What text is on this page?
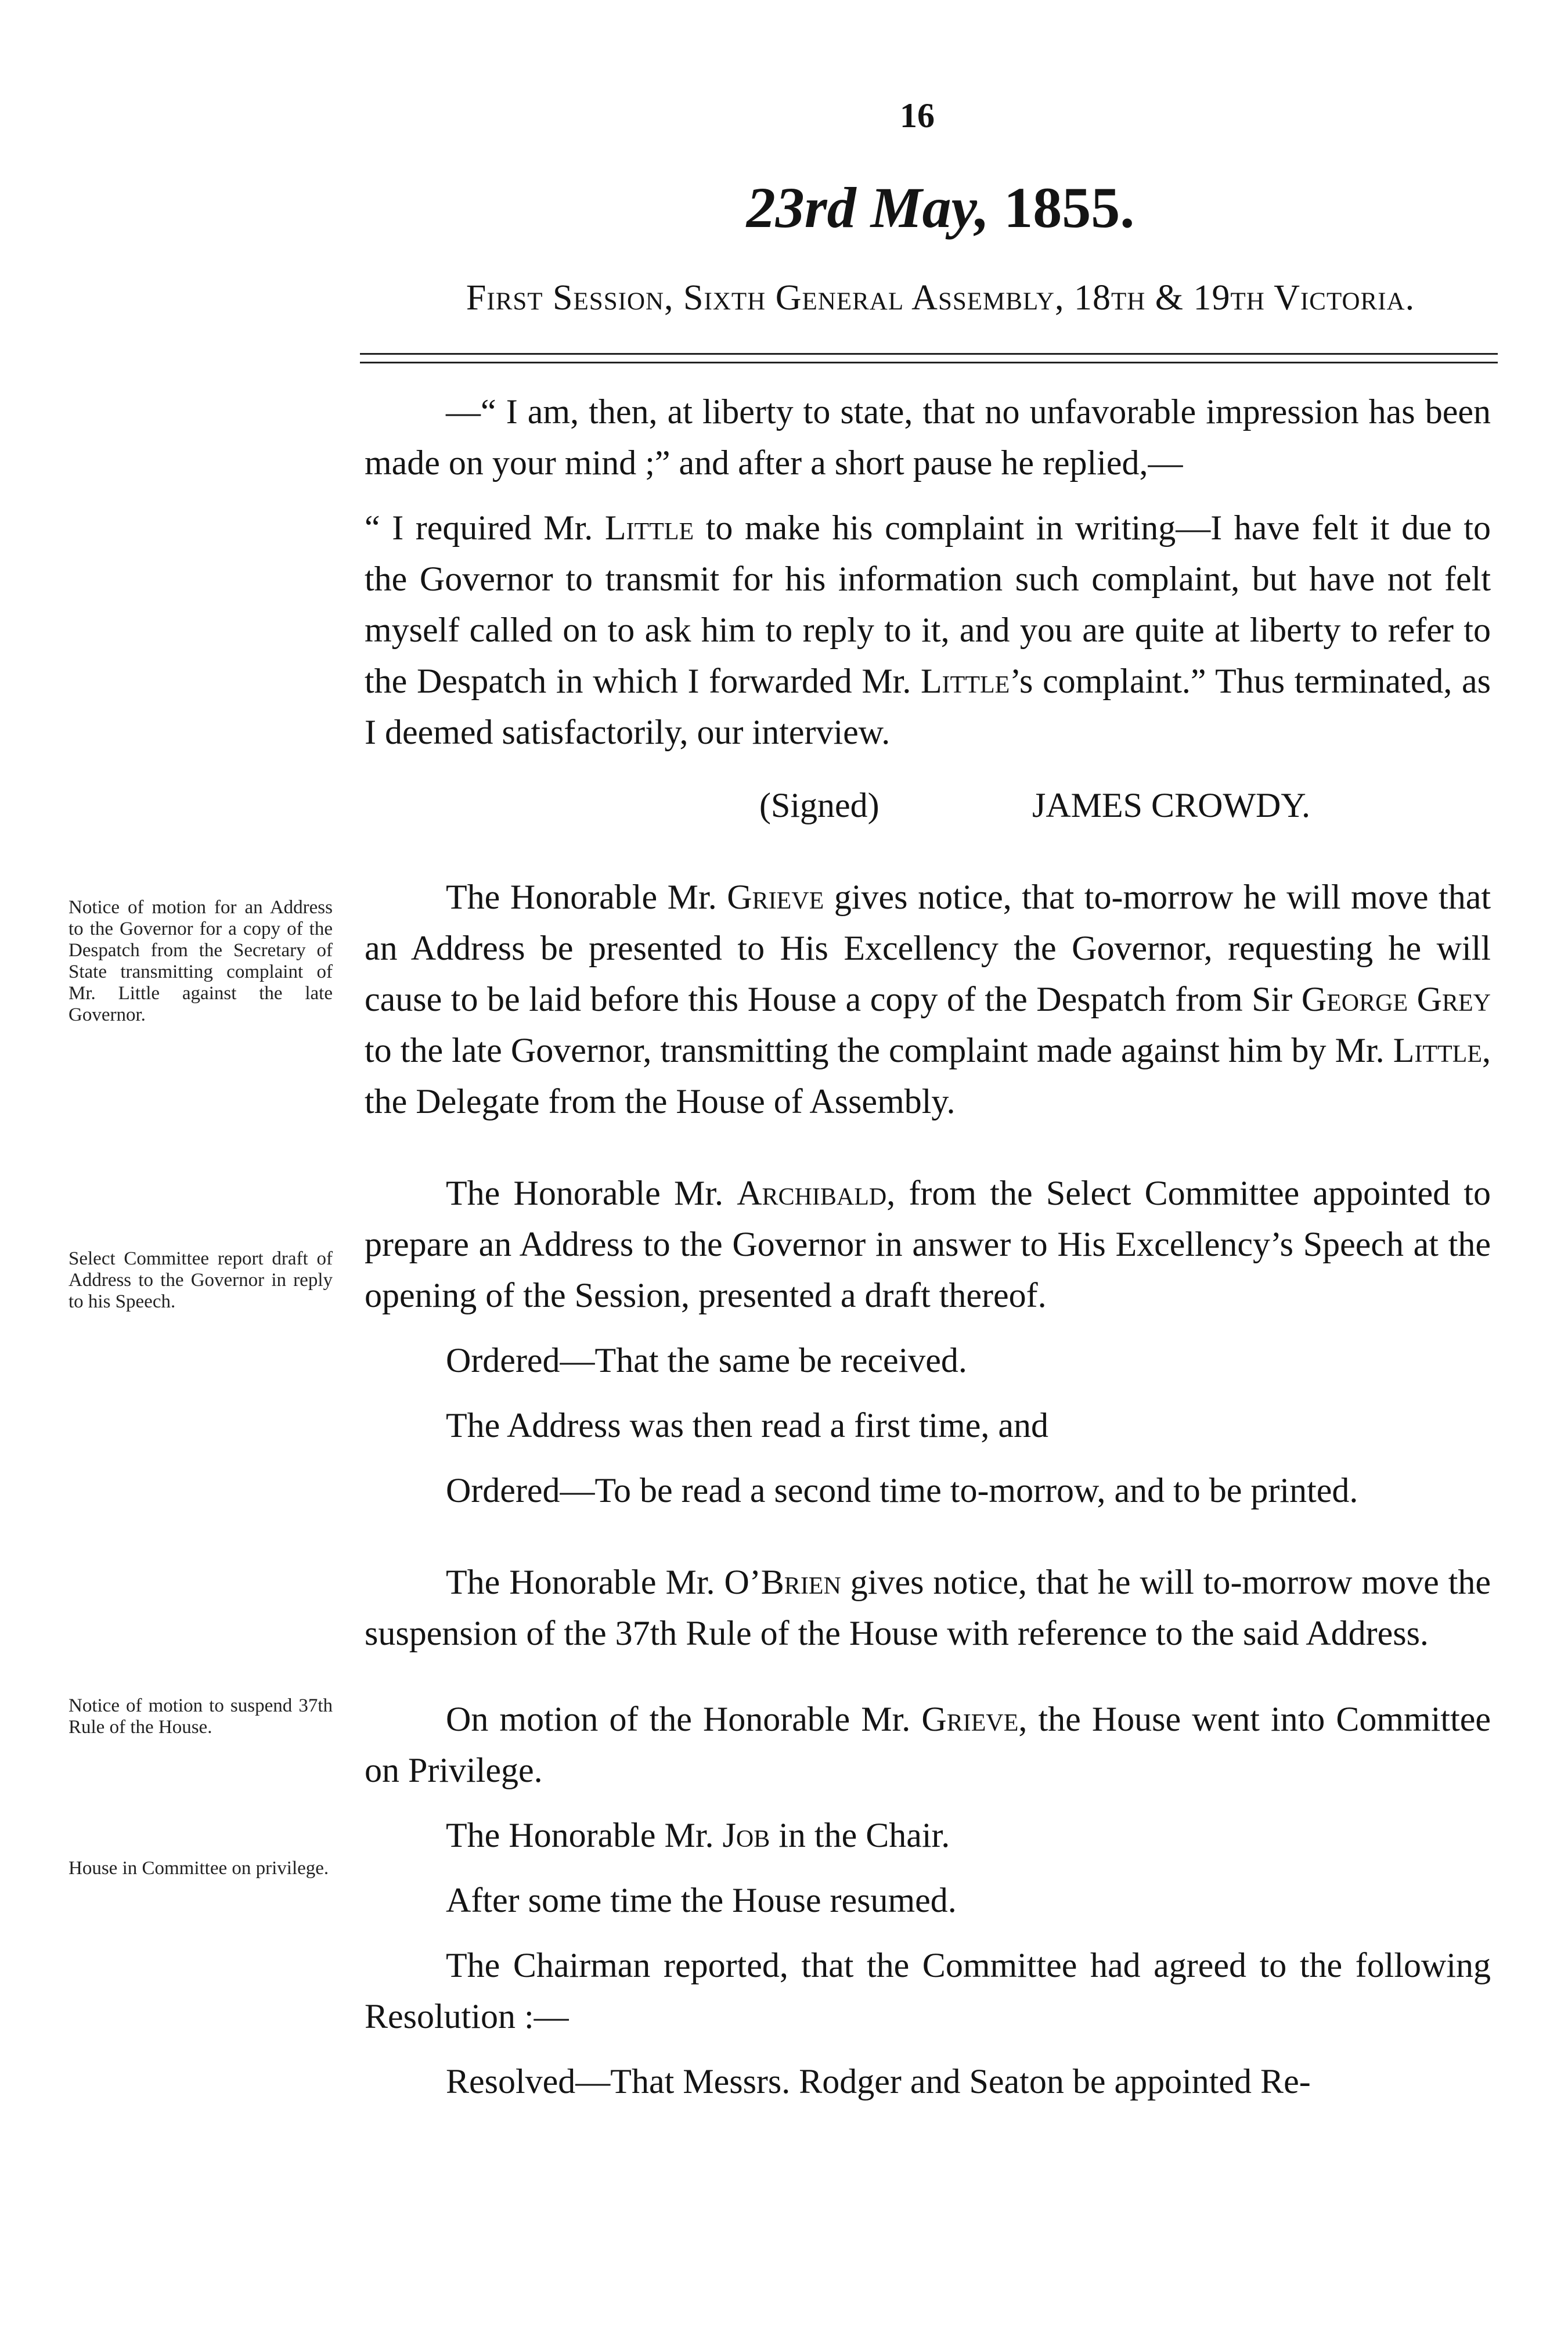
16
23rd May, 1855.
First Session, Sixth General Assembly, 18th & 19th Victoria.
Notice of motion for an Address to the Governor for a copy of the Despatch from the Secretary of State transmitting complaint of Mr. Little against the late Governor.
Select Committee report draft of Address to the Governor in reply to his Speech.
Notice of motion to suspend 37th Rule of the House.
House in Committee on privilege.

—“ I am, then, at liberty to state, that no unfavorable impression has been made on your mind ;” and after a short pause he replied,—

“ I required Mr. Little to make his complaint in writing—I have felt it due to the Governor to transmit for his information such complaint, but have not felt myself called on to ask him to reply to it, and you are quite at liberty to refer to the Despatch in which I forwarded Mr. Little’s complaint.” Thus terminated, as I deemed satisfactorily, our interview.

(Signed)	JAMES CROWDY.

The Honorable Mr. Grieve gives notice, that to-morrow he will move that an Address be presented to His Excellency the Governor, requesting he will cause to be laid before this House a copy of the Despatch from Sir George Grey to the late Governor, transmitting the complaint made against him by Mr. Little, the Delegate from the House of Assembly.

The Honorable Mr. Archibald, from the Select Committee appointed to prepare an Address to the Governor in answer to His Excellency’s Speech at the opening of the Session, presented a draft thereof.

Ordered—That the same be received.

The Address was then read a first time, and

Ordered—To be read a second time to-morrow, and to be printed.

The Honorable Mr. O’Brien gives notice, that he will to-morrow move the suspension of the 37th Rule of the House with reference to the said Address.

On motion of the Honorable Mr. Grieve, the House went into Committee on Privilege.

The Honorable Mr. Job in the Chair.

After some time the House resumed.

The Chairman reported, that the Committee had agreed to the following Resolution :—

Resolved—That Messrs. Rodger and Seaton be appointed Re-
